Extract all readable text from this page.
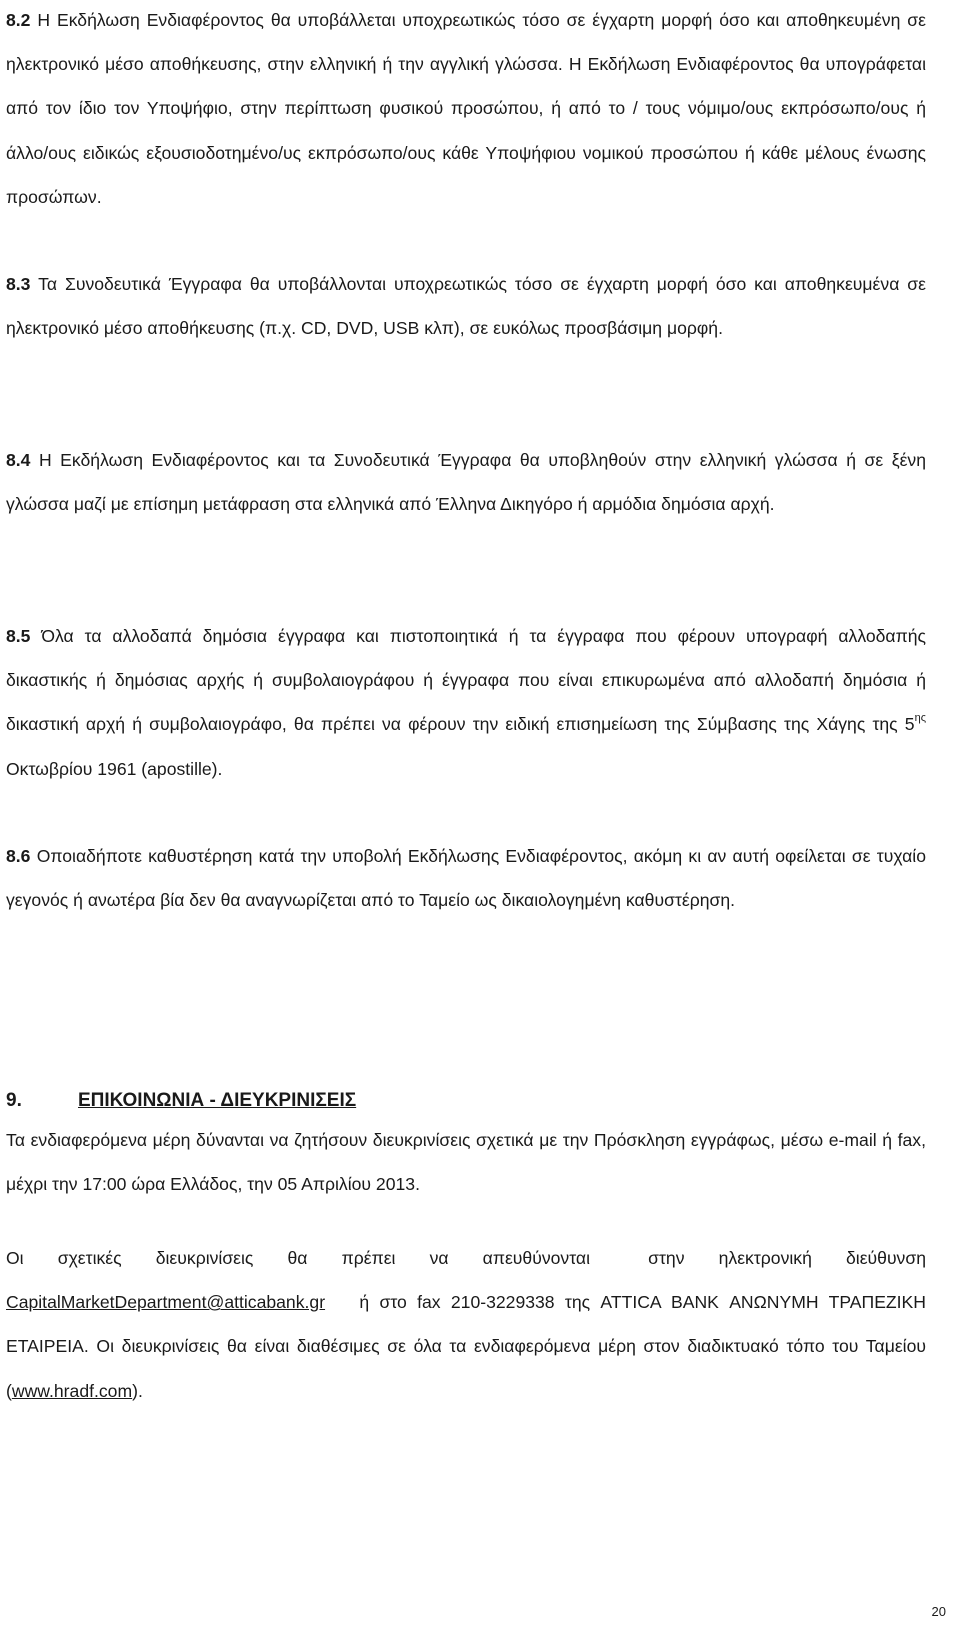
8.2 Η Εκδήλωση Ενδιαφέροντος θα υποβάλλεται υποχρεωτικώς τόσο σε έγχαρτη μορφή όσο και αποθηκευμένη σε ηλεκτρονικό μέσο αποθήκευσης, στην ελληνική ή την αγγλική γλώσσα. Η Εκδήλωση Ενδιαφέροντος θα υπογράφεται από τον ίδιο τον Υποψήφιο, στην περίπτωση φυσικού προσώπου, ή από το / τους νόμιμο/ους εκπρόσωπο/ους ή άλλο/ους ειδικώς εξουσιοδοτημένο/υς εκπρόσωπο/ους κάθε Υποψήφιου νομικού προσώπου ή κάθε μέλους ένωσης προσώπων.

8.3 Τα Συνοδευτικά Έγγραφα θα υποβάλλονται υποχρεωτικώς τόσο σε έγχαρτη μορφή όσο και αποθηκευμένα σε ηλεκτρονικό μέσο αποθήκευσης (π.χ. CD, DVD, USB κλπ), σε ευκόλως προσβάσιμη μορφή.

8.4 Η Εκδήλωση Ενδιαφέροντος και τα Συνοδευτικά Έγγραφα θα υποβληθούν στην ελληνική γλώσσα ή σε ξένη γλώσσα μαζί με επίσημη μετάφραση στα ελληνικά από Έλληνα Δικηγόρο ή αρμόδια δημόσια αρχή.

8.5 Όλα τα αλλοδαπά δημόσια έγγραφα και πιστοποιητικά ή τα έγγραφα που φέρουν υπογραφή αλλοδαπής δικαστικής ή δημόσιας αρχής ή συμβολαιογράφου ή έγγραφα που είναι επικυρωμένα από αλλοδαπή δημόσια ή δικαστική αρχή ή συμβολαιογράφο, θα πρέπει να φέρουν την ειδική επισημείωση της Σύμβασης της Χάγης της $5^{\eta\varsigma}$ Οκτωβρίου 1961 (apostille).

8.6 Οποιαδήποτε καθυστέρηση κατά την υποβολή Εκδήλωσης Ενδιαφέροντος, ακόμη κι αν αυτή οφείλεται σε τυχαίο γεγονός ή ανωτέρα βία δεν θα αναγνωρίζεται από το Ταμείο ως δικαιολογημένη καθυστέρηση.

9.	ΕΠΙΚΟΙΝΩΝΙΑ - ΔΙΕΥΚΡΙΝΙΣΕΙΣ

Τα ενδιαφερόμενα μέρη δύνανται να ζητήσουν διευκρινίσεις σχετικά με την Πρόσκληση εγγράφως, μέσω e-mail ή fax, μέχρι την 17:00 ώρα Ελλάδος, την 05 Απριλίου 2013.

Οι σχετικές διευκρινίσεις θα πρέπει να απευθύνονται	στην ηλεκτρονική διεύθυνση CapitalMarketDepartment@atticabank.gr ή στο fax 210-3229338 της ATTICA BANK ΑΝΩΝΥΜΗ ΤΡΑΠΕΖΙΚΗ ΕΤΑΙΡΕΙΑ. Οι διευκρινίσεις θα είναι διαθέσιμες σε όλα τα ενδιαφερόμενα μέρη στον διαδικτυακό τόπο του Ταμείου (www.hradf.com).

20
